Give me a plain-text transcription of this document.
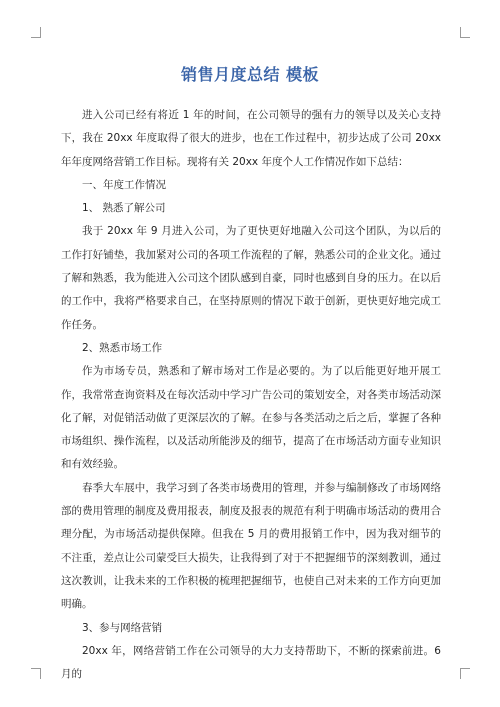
销售月度总结 模板

进入公司已经有将近 1 年的时间，在公司领导的强有力的领导以及关心支持下，我在 20xx 年度取得了很大的进步，也在工作过程中，初步达成了公司 20xx 年年度网络营销工作目标。现将有关 20xx 年度个人工作情况作如下总结：

一、年度工作情况

1、 熟悉了解公司

我于 20xx 年 9 月进入公司，为了更快更好地融入公司这个团队，为以后的工作打好铺垫，我加紧对公司的各项工作流程的了解，熟悉公司的企业文化。通过了解和熟悉，我为能进入公司这个团队感到自豪，同时也感到自身的压力。在以后的工作中，我将严格要求自己，在坚持原则的情况下敢于创新，更快更好地完成工作任务。

2、熟悉市场工作

作为市场专员，熟悉和了解市场对工作是必要的。为了以后能更好地开展工作，我常常查询资料及在每次活动中学习广告公司的策划安全，对各类市场活动深化了解，对促销活动做了更深层次的了解。在参与各类活动之后之后，掌握了各种市场组织、操作流程，以及活动所能涉及的细节，提高了在市场活动方面专业知识和有效经验。

春季大车展中，我学习到了各类市场费用的管理，并参与编制修改了市场网络部的费用管理的制度及费用报表，制度及报表的规范有利于明确市场活动的费用合理分配，为市场活动提供保障。但我在 5 月的费用报销工作中，因为我对细节的不注重，差点让公司蒙受巨大损失，让我得到了对于不把握细节的深刻教训，通过这次教训，让我未来的工作积极的梳理把握细节，也使自己对未来的工作方向更加明确。

3、参与网络营销

20xx 年，网络营销工作在公司领导的大力支持帮助下，不断的探索前进。6 月的
